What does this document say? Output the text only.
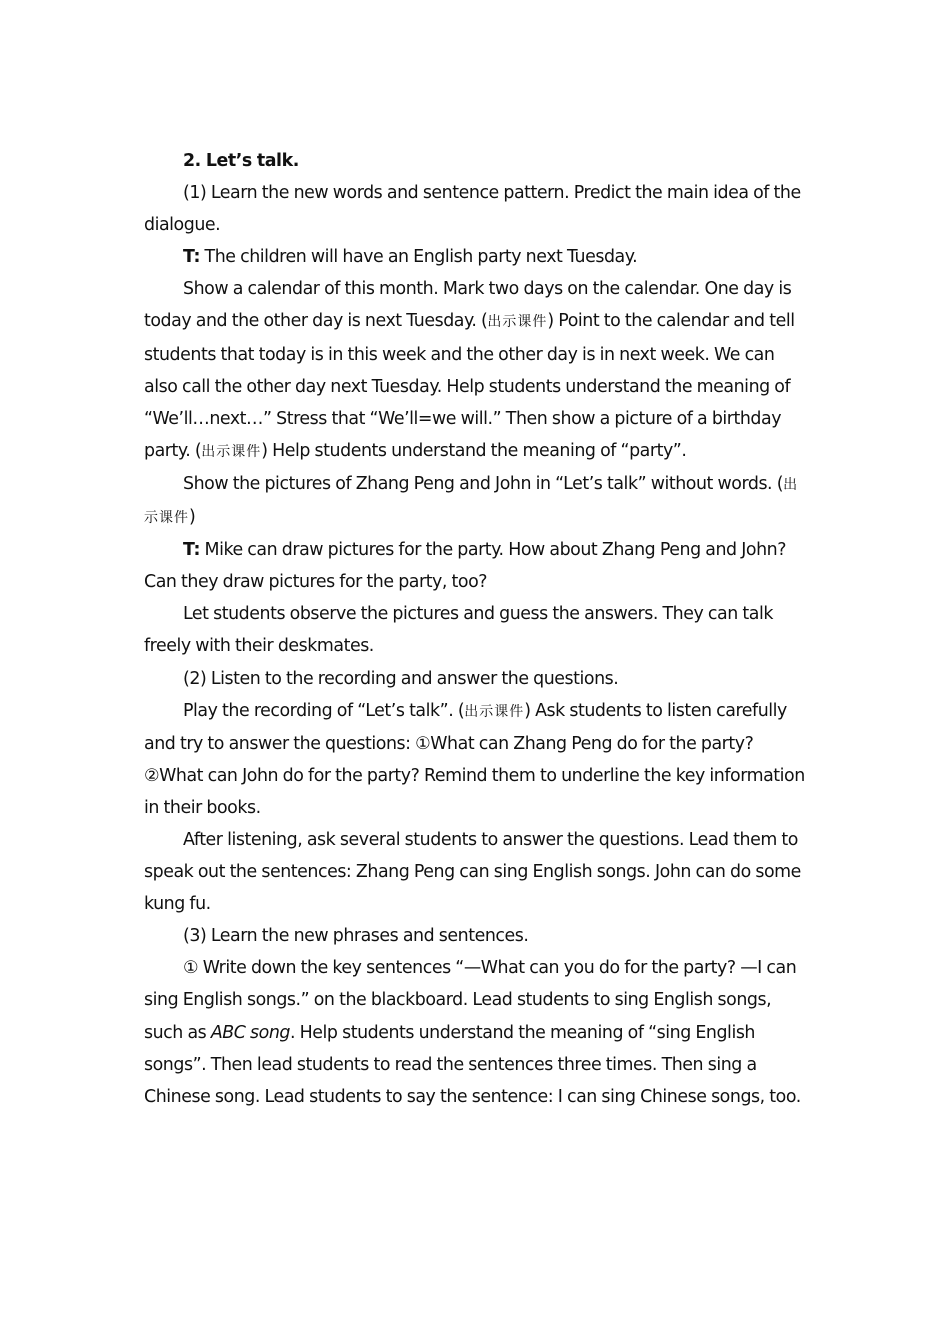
2. Let’s talk.

(1) Learn the new words and sentence pattern. Predict the main idea of the dialogue.

T: The children will have an English party next Tuesday.

Show a calendar of this month. Mark two days on the calendar. One day is today and the other day is next Tuesday. (出示课件) Point to the calendar and tell students that today is in this week and the other day is in next week. We can also call the other day next Tuesday. Help students understand the meaning of “We’ll…next…” Stress that “We’ll=we will.” Then show a picture of a birthday party. (出示课件) Help students understand the meaning of “party”.

Show the pictures of Zhang Peng and John in “Let’s talk” without words. (出示课件)

T: Mike can draw pictures for the party. How about Zhang Peng and John? Can they draw pictures for the party, too?

Let students observe the pictures and guess the answers. They can talk freely with their deskmates.

(2) Listen to the recording and answer the questions.

Play the recording of “Let’s talk”. (出示课件) Ask students to listen carefully and try to answer the questions: ①What can Zhang Peng do for the party? ②What can John do for the party? Remind them to underline the key information in their books.

After listening, ask several students to answer the questions. Lead them to speak out the sentences: Zhang Peng can sing English songs. John can do some kung fu.

(3) Learn the new phrases and sentences.

① Write down the key sentences “—What can you do for the party? —I can sing English songs.” on the blackboard. Lead students to sing English songs, such as ABC song. Help students understand the meaning of “sing English songs”. Then lead students to read the sentences three times. Then sing a Chinese song. Lead students to say the sentence: I can sing Chinese songs, too.
